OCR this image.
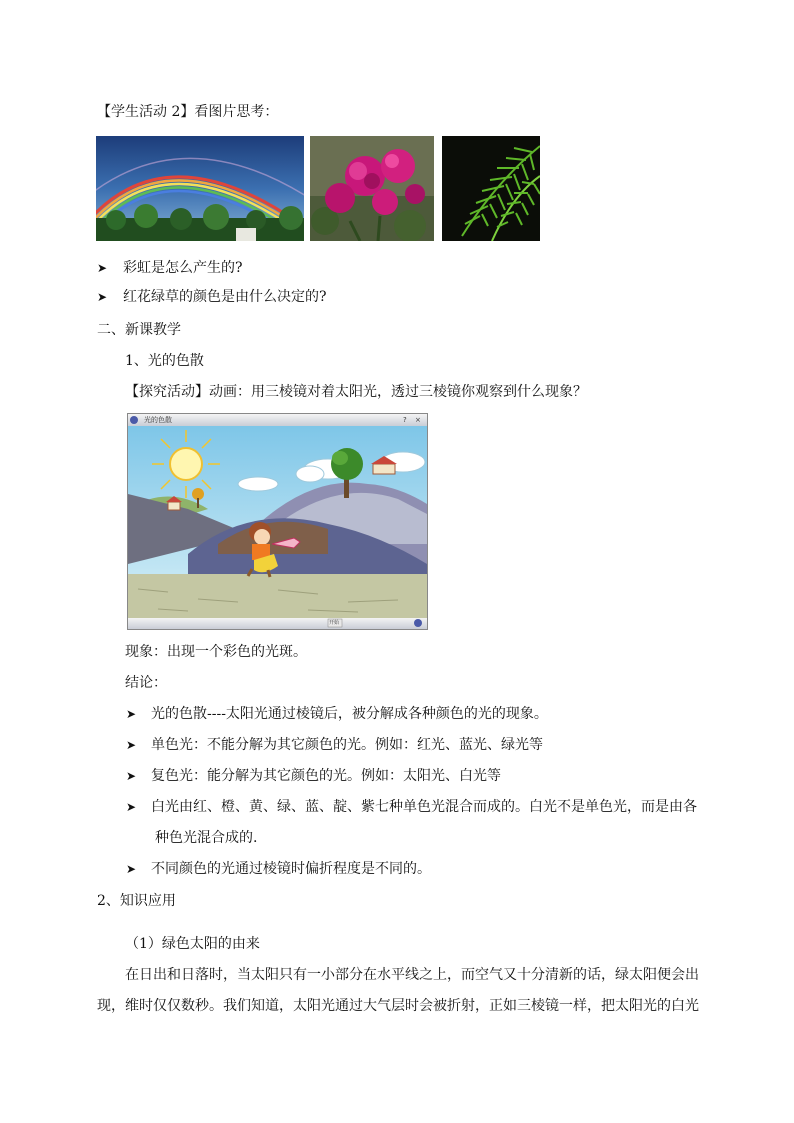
【学生活动 2】看图片思考：
➤ 彩虹是怎么产生的?
➤ 红花绿草的颜色是由什么决定的?
二、新课教学
1、光的色散
【探究活动】动画：用三棱镜对着太阳光，透过三棱镜你观察到什么现象？
光的色散	? ×
开始
现象：出现一个彩色的光斑。
结论：
➤ 光的色散----太阳光通过棱镜后，被分解成各种颜色的光的现象。
➤ 单色光：不能分解为其它颜色的光。例如：红光、蓝光、绿光等
➤ 复色光：能分解为其它颜色的光。例如：太阳光、白光等
➤ 白光由红、橙、黄、绿、蓝、靛、紫七种单色光混合而成的。白光不是单色光，而是由各
种色光混合成的.
➤ 不同颜色的光通过棱镜时偏折程度是不同的。
2、知识应用
（1）绿色太阳的由来
在日出和日落时，当太阳只有一小部分在水平线之上，而空气又十分清新的话，绿太阳便会出
现，维时仅仅数秒。我们知道，太阳光通过大气层时会被折射，正如三棱镜一样，把太阳光的白光
